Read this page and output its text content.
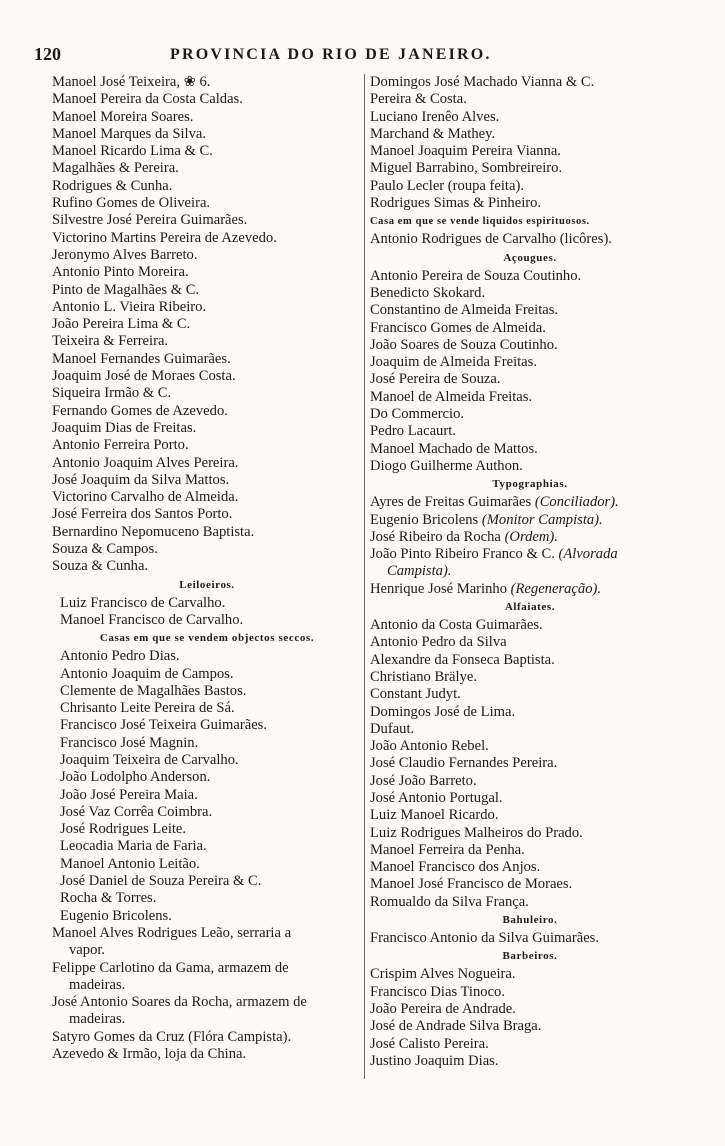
120	PROVINCIA DO RIO DE JANEIRO.
Manoel José Teixeira, ❀ 6.
Manoel Pereira da Costa Caldas.
Manoel Moreira Soares.
Manoel Marques da Silva.
Manoel Ricardo Lima & C.
Magalhães & Pereira.
Rodrigues & Cunha.
Rufino Gomes de Oliveira.
Silvestre José Pereira Guimarães.
Victorino Martins Pereira de Azevedo.
Jeronymo Alves Barreto.
Antonio Pinto Moreira.
Pinto de Magalhães & C.
Antonio L. Vieira Ribeiro.
João Pereira Lima & C.
Teixeira & Ferreira.
Manoel Fernandes Guimarães.
Joaquim José de Moraes Costa.
Siqueira Irmão & C.
Fernando Gomes de Azevedo.
Joaquim Dias de Freitas.
Antonio Ferreira Porto.
Antonio Joaquim Alves Pereira.
José Joaquim da Silva Mattos.
Victorino Carvalho de Almeida.
José Ferreira dos Santos Porto.
Bernardino Nepomuceno Baptista.
Souza & Campos.
Souza & Cunha.
Leiloeiros.
Luiz Francisco de Carvalho.
Manoel Francisco de Carvalho.
Casas em que se vendem objectos seccos.
Antonio Pedro Dias.
Antonio Joaquim de Campos.
Clemente de Magalhães Bastos.
Chrisanto Leite Pereira de Sá.
Francisco José Teixeira Guimarães.
Francisco José Magnin.
Joaquim Teixeira de Carvalho.
João Lodolpho Anderson.
João José Pereira Maia.
José Vaz Corrêa Coimbra.
José Rodrigues Leite.
Leocadia Maria de Faria.
Manoel Antonio Leitão.
José Daniel de Souza Pereira & C.
Rocha & Torres.
Eugenio Bricolens.
Manoel Alves Rodrigues Leão, serraria a
vapor.
Felippe Carlotino da Gama, armazem de
madeiras.
José Antonio Soares da Rocha, armazem de
madeiras.
Satyro Gomes da Cruz (Flóra Campista).
Azevedo & Irmão, loja da China.
Domingos José Machado Vianna & C.
Pereira & Costa.
Luciano Irenêo Alves.
Marchand & Mathey.
Manoel Joaquim Pereira Vianna.
Miguel Barrabino, Sombreireiro.
Paulo Lecler (roupa feita).
Rodrigues Simas & Pinheiro.
Casa em que se vende liquidos espirituosos.
Antonio Rodrigues de Carvalho (licôres).
Açougues.
Antonio Pereira de Souza Coutinho.
Benedicto Skokard.
Constantino de Almeida Freitas.
Francisco Gomes de Almeida.
João Soares de Souza Coutinho.
Joaquim de Almeida Freitas.
José Pereira de Souza.
Manoel de Almeida Freitas.
Do Commercio.
Pedro Lacaurt.
Manoel Machado de Mattos.
Diogo Guilherme Authon.
Typographias.
Ayres de Freitas Guimarães (Conciliador).
Eugenio Bricolens (Monitor Campista).
José Ribeiro da Rocha (Ordem).
João Pinto Ribeiro Franco & C. (Alvorada
Campista).
Henrique José Marinho (Regeneração).
Alfaiates.
Antonio da Costa Guimarães.
Antonio Pedro da Silva
Alexandre da Fonseca Baptista.
Christiano Brälye.
Constant Judyt.
Domingos José de Lima.
Dufaut.
João Antonio Rebel.
José Claudio Fernandes Pereira.
José João Barreto.
José Antonio Portugal.
Luiz Manoel Ricardo.
Luiz Rodrigues Malheiros do Prado.
Manoel Ferreira da Penha.
Manoel Francisco dos Anjos.
Manoel José Francisco de Moraes.
Romualdo da Silva França.
Bahuleiro.
Francisco Antonio da Silva Guimarães.
Barbeiros.
Crispim Alves Nogueira.
Francisco Dias Tinoco.
João Pereira de Andrade.
José de Andrade Silva Braga.
José Calisto Pereira.
Justino Joaquim Dias.
